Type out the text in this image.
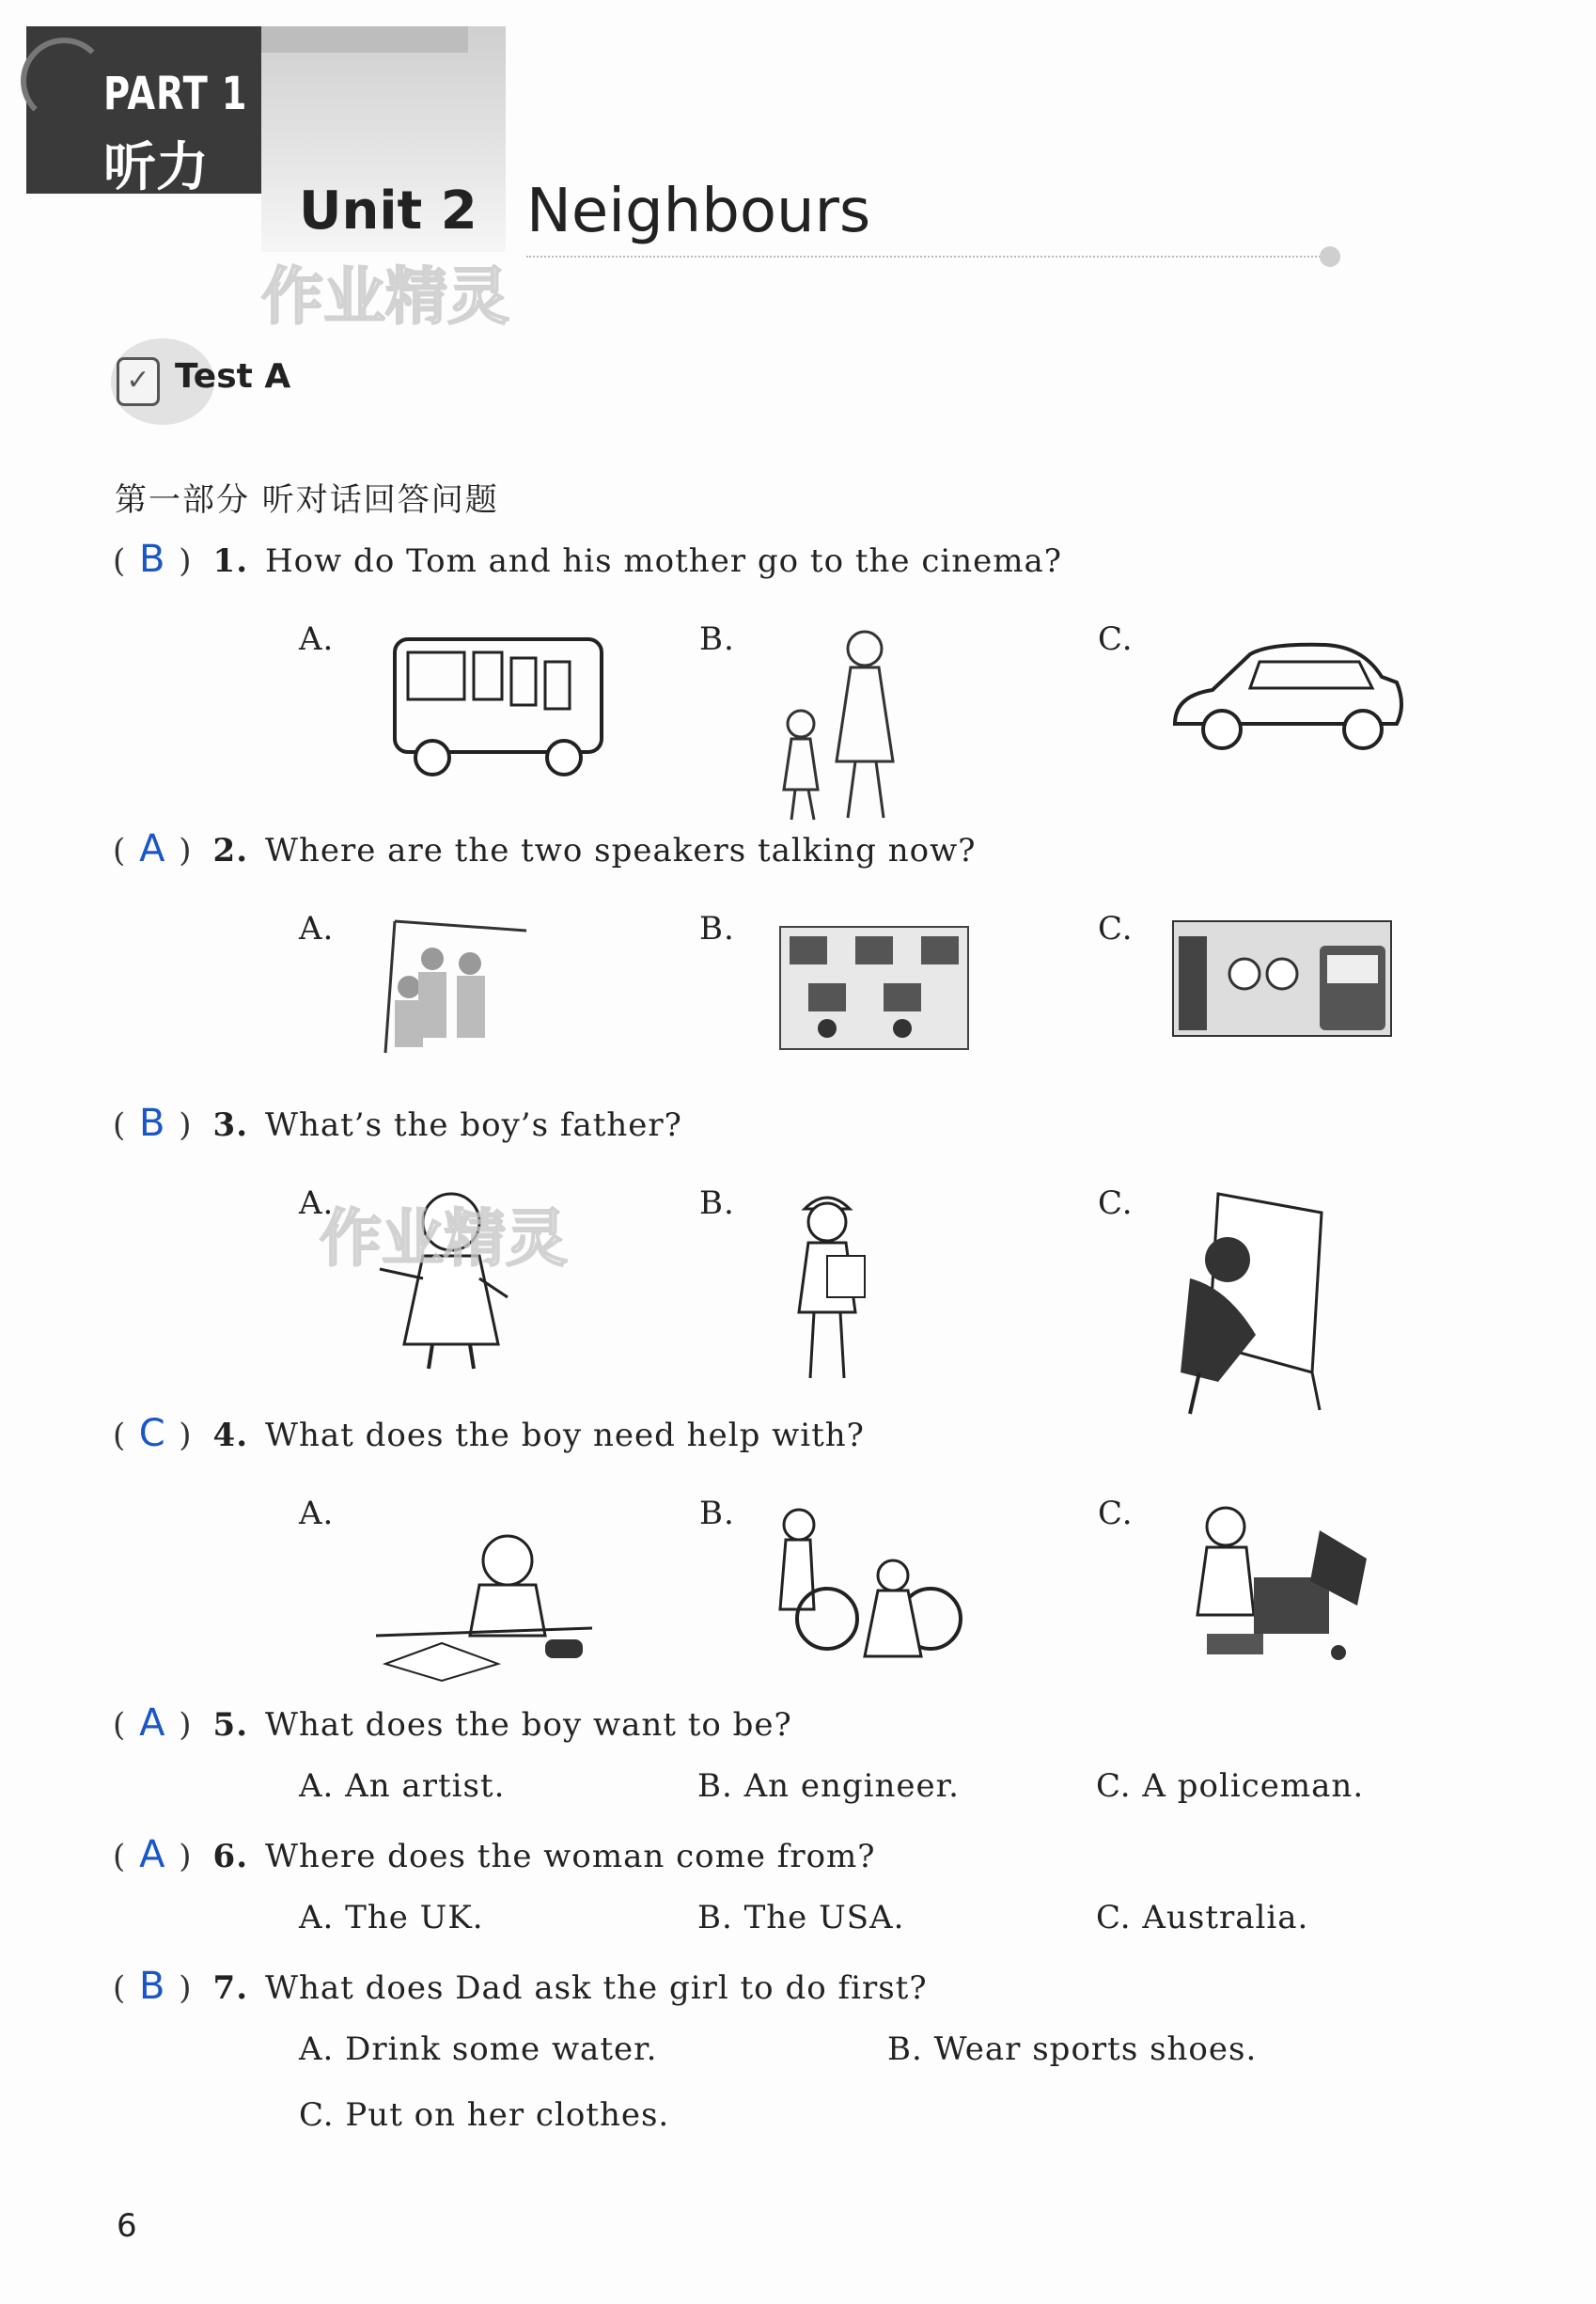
PART 1
听力
Unit 2 Neighbours
作业精灵
✓ Test A
第一部分 听对话回答问题
( B ) 1. How do Tom and his mother go to the cinema?
A.	B.	C.
( A ) 2. Where are the two speakers talking now?
A.	B.	C.
( B ) 3. What’s the boy’s father?
A.	B.	C.
作业精灵
( C ) 4. What does the boy need help with?
A.	B.	C.
( A ) 5. What does the boy want to be?
A. An artist.	B. An engineer.	C. A policeman.
( A ) 6. Where does the woman come from?
A. The UK.	B. The USA.	C. Australia.
( B ) 7. What does Dad ask the girl to do first?
A. Drink some water.	B. Wear sports shoes.
C. Put on her clothes.
6
